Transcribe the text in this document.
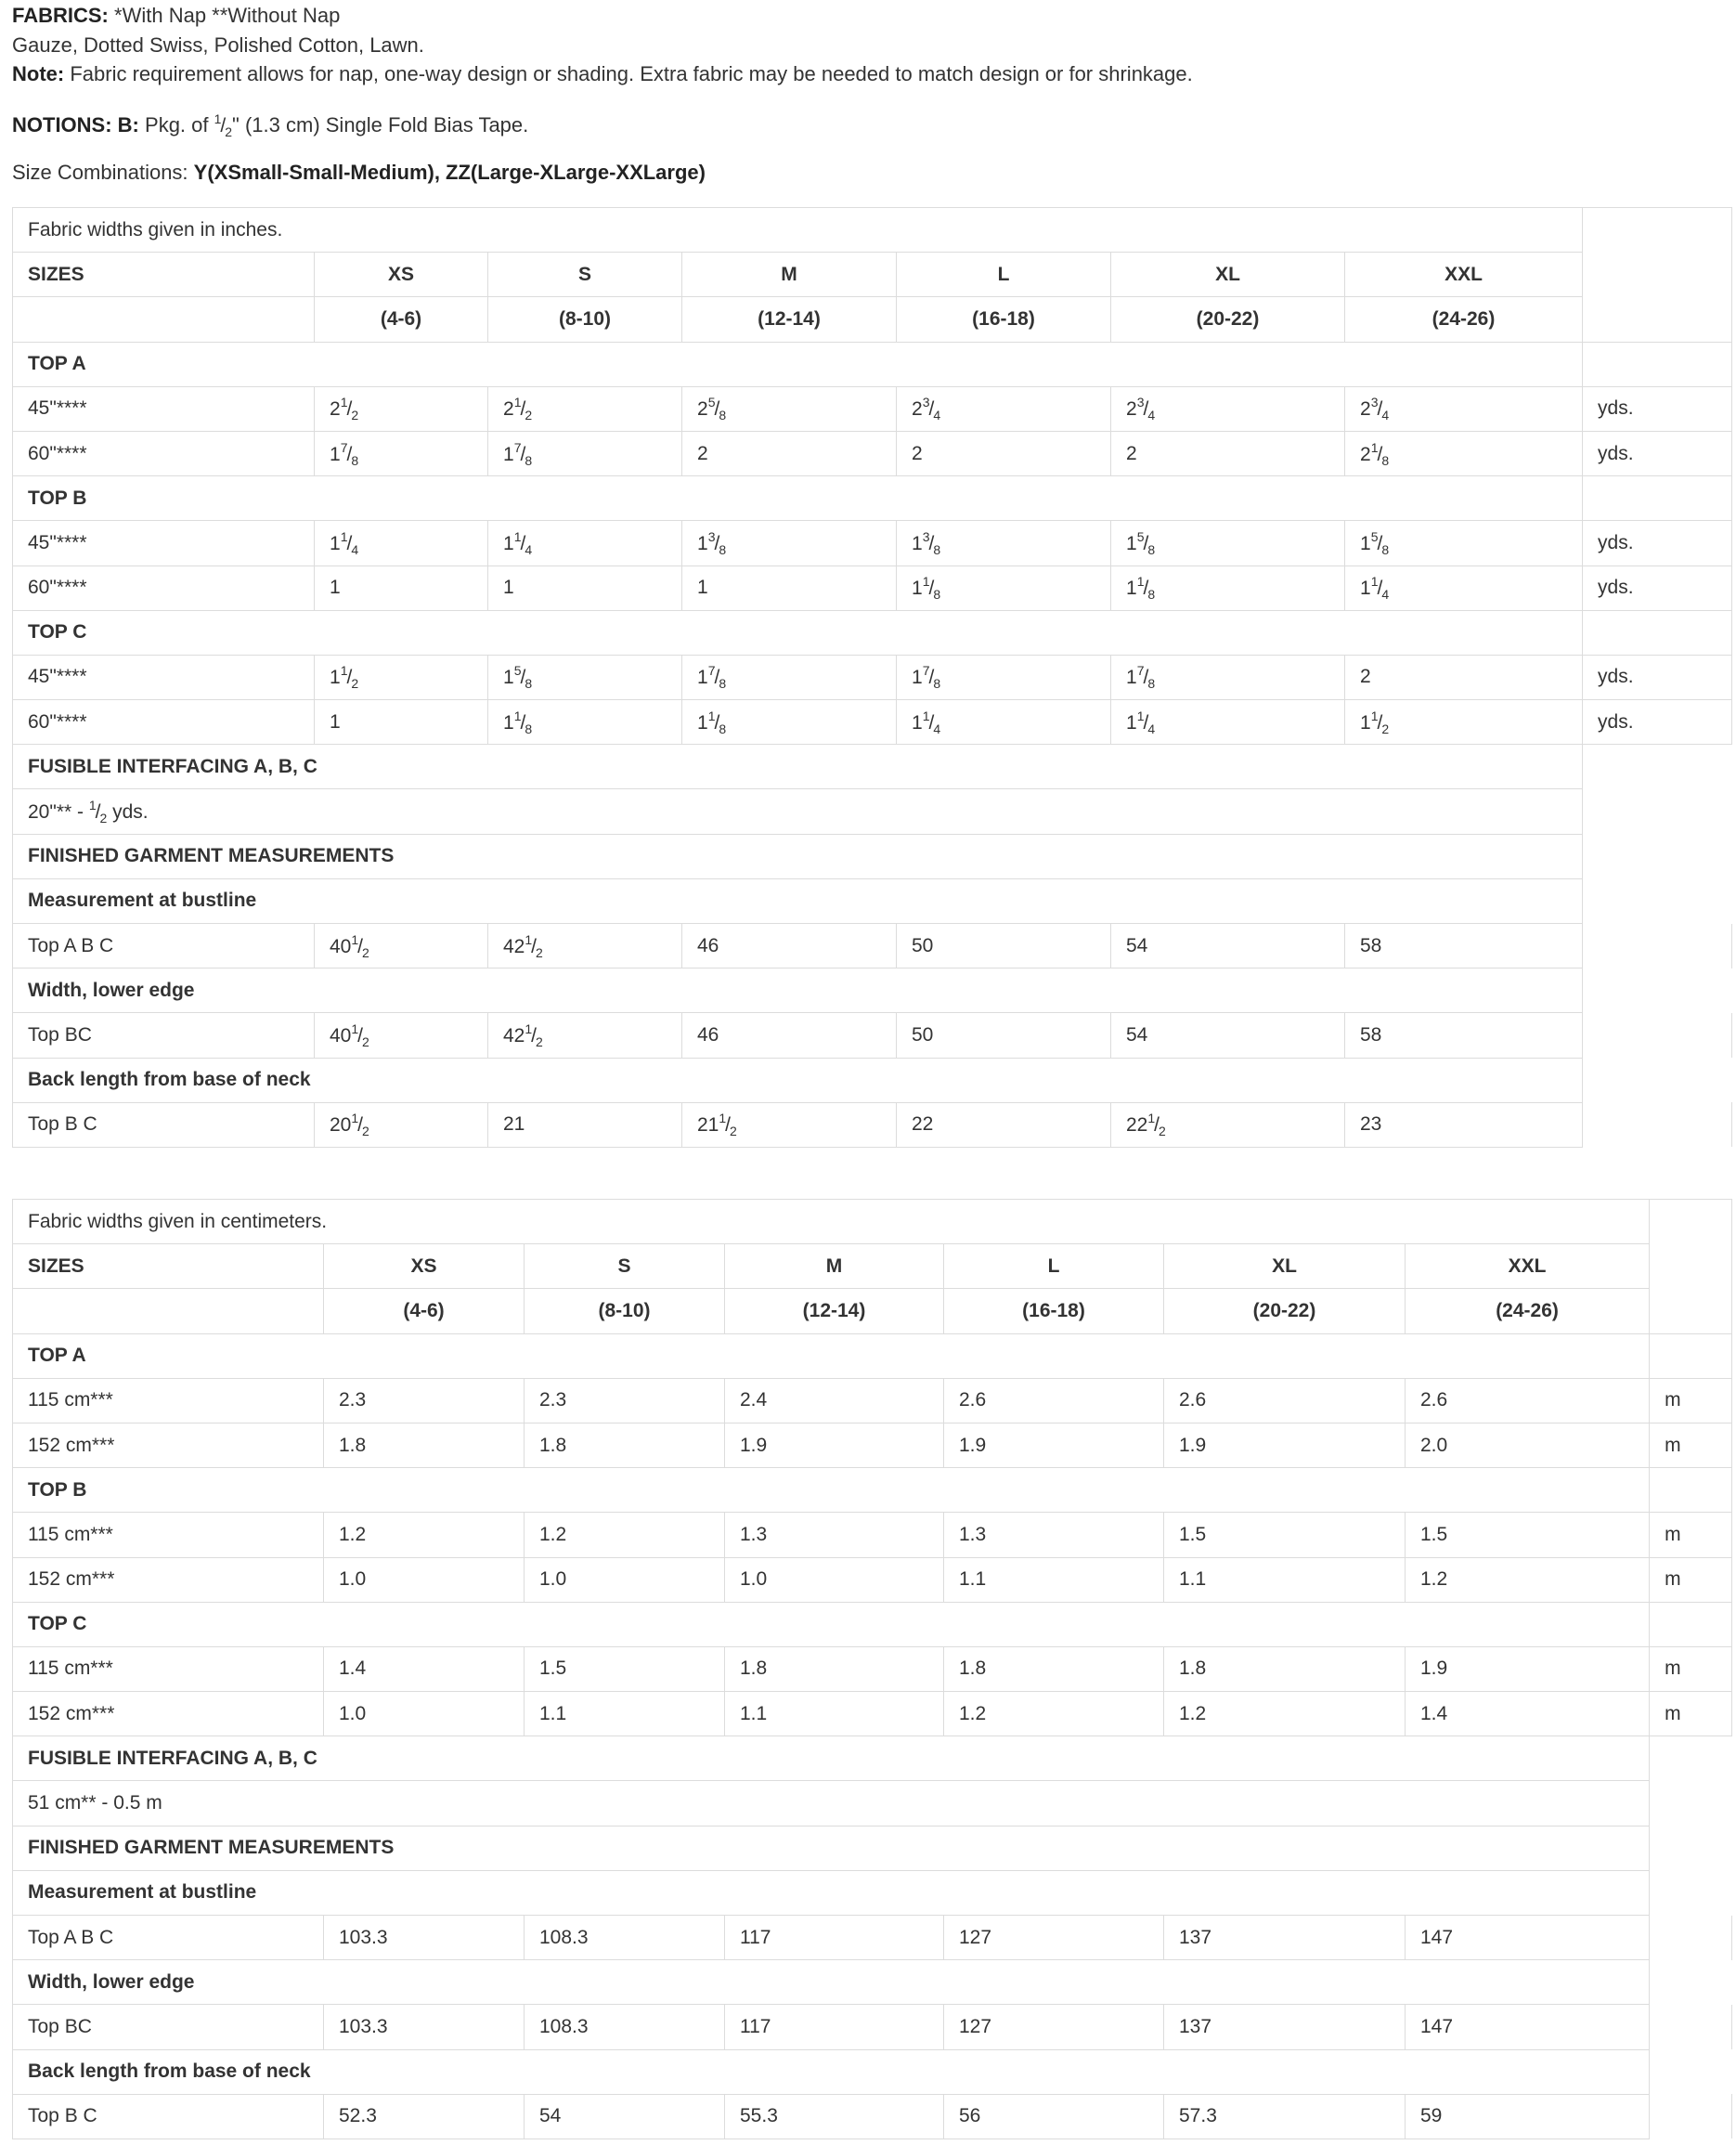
FABRICS: *With Nap **Without Nap
Gauze, Dotted Swiss, Polished Cotton, Lawn.
Note: Fabric requirement allows for nap, one-way design or shading. Extra fabric may be needed to match design or for shrinkage.
NOTIONS: B: Pkg. of $^1/_2$" (1.3 cm) Single Fold Bias Tape.
Size Combinations: Y(XSmall-Small-Medium), ZZ(Large-XLarge-XXLarge)
Fabric widths given in inches.							
SIZES	XS	S	M	L	XL	XXL	
	(4-6)	(8-10)	(12-14)	(16-18)	(20-22)	(24-26)	
TOP A							
45"****	$2^1/_2$	$2^1/_2$	$2^5/_8$	$2^3/_4$	$2^3/_4$	$2^3/_4$	yds.
60"****	$1^7/_8$	$1^7/_8$	2	2	2	$2^1/_8$	yds.
TOP B							
45"****	$1^1/_4$	$1^1/_4$	$1^3/_8$	$1^3/_8$	$1^5/_8$	$1^5/_8$	yds.
60"****	1	1	1	$1^1/_8$	$1^1/_8$	$1^1/_4$	yds.
TOP C							
45"****	$1^1/_2$	$1^5/_8$	$1^7/_8$	$1^7/_8$	$1^7/_8$	2	yds.
60"****	1	$1^1/_8$	$1^1/_8$	$1^1/_4$	$1^1/_4$	$1^1/_2$	yds.
FUSIBLE INTERFACING A, B, C							
20"** - $^1/_2$ yds.							
FINISHED GARMENT MEASUREMENTS							
Measurement at bustline							
Top A B C	$40^1/_2$	$42^1/_2$	46	50	54	58	
Width, lower edge							
Top BC	$40^1/_2$	$42^1/_2$	46	50	54	58	
Back length from base of neck							
Top B C	$20^1/_2$	21	$21^1/_2$	22	$22^1/_2$	23	
Fabric widths given in centimeters.							
SIZES	XS	S	M	L	XL	XXL	
	(4-6)	(8-10)	(12-14)	(16-18)	(20-22)	(24-26)	
TOP A							
115 cm***	2.3	2.3	2.4	2.6	2.6	2.6	m
152 cm***	1.8	1.8	1.9	1.9	1.9	2.0	m
TOP B							
115 cm***	1.2	1.2	1.3	1.3	1.5	1.5	m
152 cm***	1.0	1.0	1.0	1.1	1.1	1.2	m
TOP C							
115 cm***	1.4	1.5	1.8	1.8	1.8	1.9	m
152 cm***	1.0	1.1	1.1	1.2	1.2	1.4	m
FUSIBLE INTERFACING A, B, C							
51 cm** - 0.5 m							
FINISHED GARMENT MEASUREMENTS							
Measurement at bustline							
Top A B C	103.3	108.3	117	127	137	147	
Width, lower edge							
Top BC	103.3	108.3	117	127	137	147	
Back length from base of neck							
Top B C	52.3	54	55.3	56	57.3	59	
